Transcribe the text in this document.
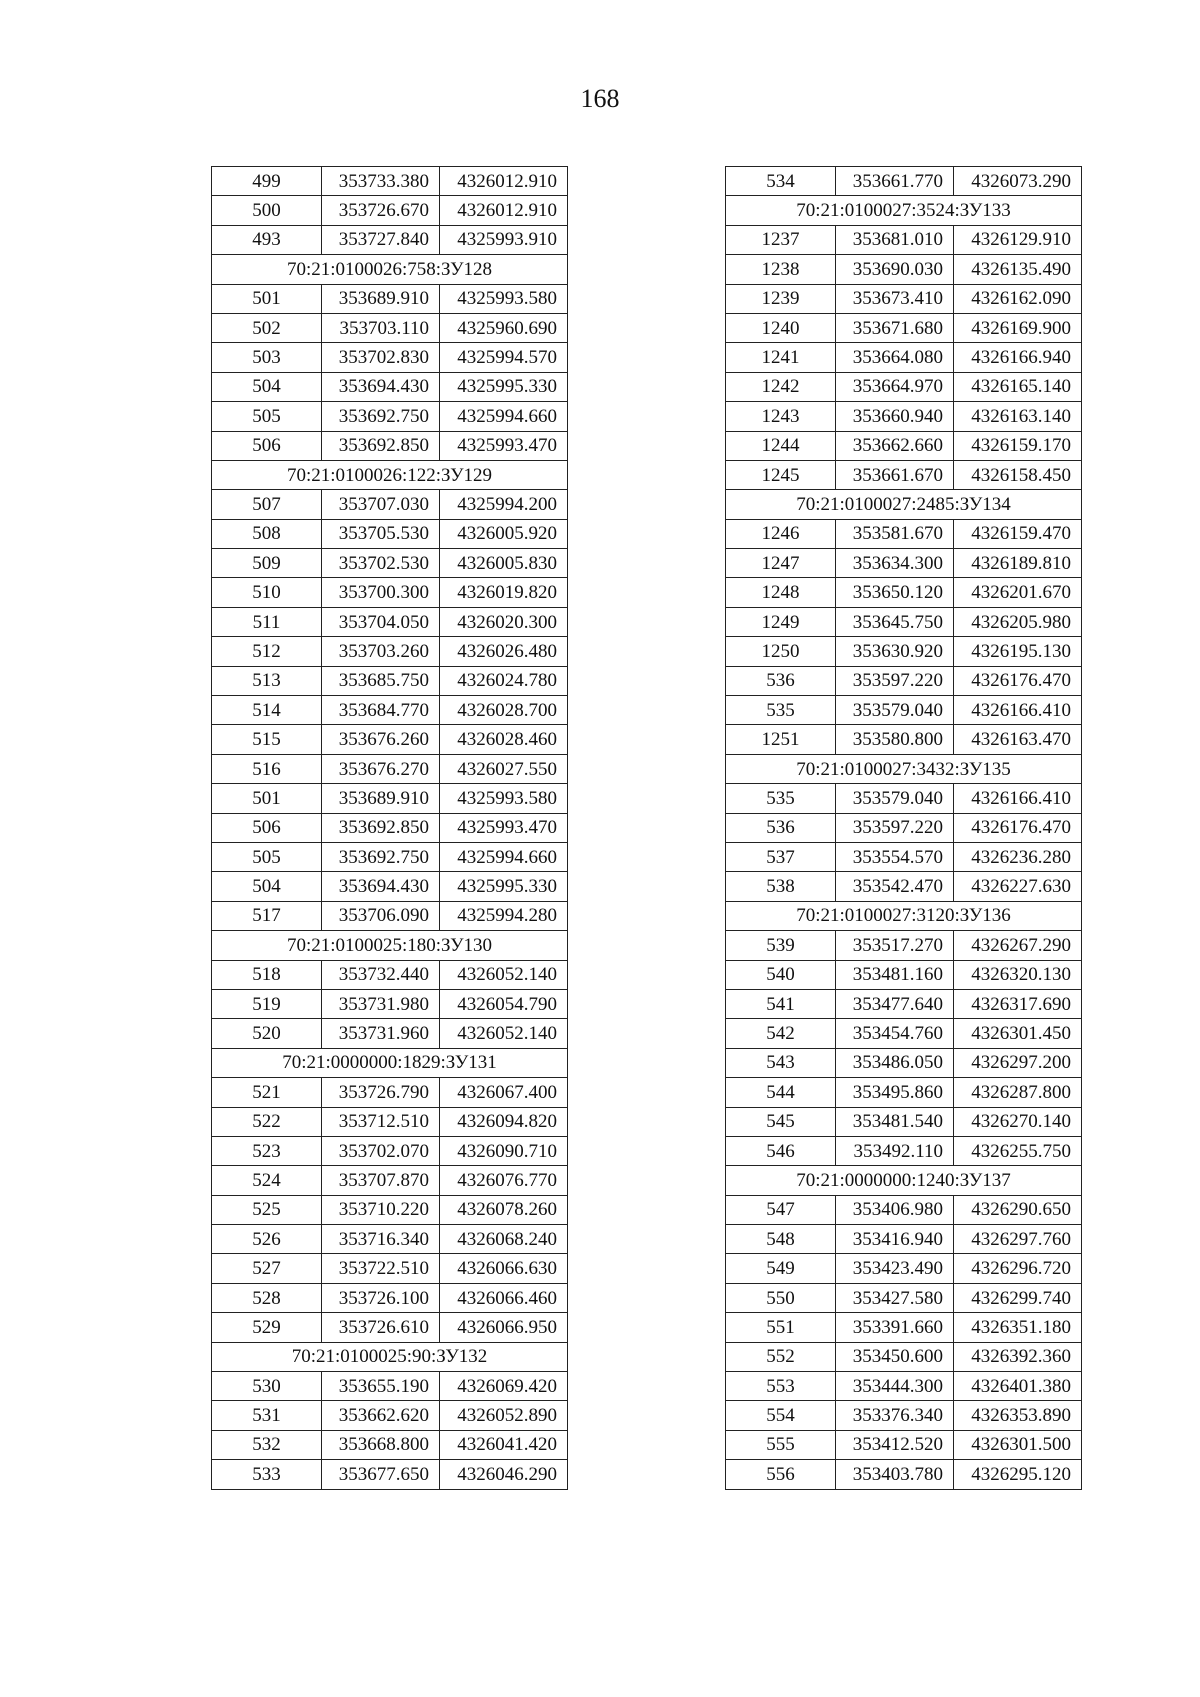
168
499	353733.380	4326012.910
500	353726.670	4326012.910
493	353727.840	4325993.910
70:21:0100026:758:ЗУ128		
501	353689.910	4325993.580
502	353703.110	4325960.690
503	353702.830	4325994.570
504	353694.430	4325995.330
505	353692.750	4325994.660
506	353692.850	4325993.470
70:21:0100026:122:ЗУ129		
507	353707.030	4325994.200
508	353705.530	4326005.920
509	353702.530	4326005.830
510	353700.300	4326019.820
511	353704.050	4326020.300
512	353703.260	4326026.480
513	353685.750	4326024.780
514	353684.770	4326028.700
515	353676.260	4326028.460
516	353676.270	4326027.550
501	353689.910	4325993.580
506	353692.850	4325993.470
505	353692.750	4325994.660
504	353694.430	4325995.330
517	353706.090	4325994.280
70:21:0100025:180:ЗУ130		
518	353732.440	4326052.140
519	353731.980	4326054.790
520	353731.960	4326052.140
70:21:0000000:1829:ЗУ131		
521	353726.790	4326067.400
522	353712.510	4326094.820
523	353702.070	4326090.710
524	353707.870	4326076.770
525	353710.220	4326078.260
526	353716.340	4326068.240
527	353722.510	4326066.630
528	353726.100	4326066.460
529	353726.610	4326066.950
70:21:0100025:90:ЗУ132		
530	353655.190	4326069.420
531	353662.620	4326052.890
532	353668.800	4326041.420
533	353677.650	4326046.290
534	353661.770	4326073.290
70:21:0100027:3524:ЗУ133		
1237	353681.010	4326129.910
1238	353690.030	4326135.490
1239	353673.410	4326162.090
1240	353671.680	4326169.900
1241	353664.080	4326166.940
1242	353664.970	4326165.140
1243	353660.940	4326163.140
1244	353662.660	4326159.170
1245	353661.670	4326158.450
70:21:0100027:2485:ЗУ134		
1246	353581.670	4326159.470
1247	353634.300	4326189.810
1248	353650.120	4326201.670
1249	353645.750	4326205.980
1250	353630.920	4326195.130
536	353597.220	4326176.470
535	353579.040	4326166.410
1251	353580.800	4326163.470
70:21:0100027:3432:ЗУ135		
535	353579.040	4326166.410
536	353597.220	4326176.470
537	353554.570	4326236.280
538	353542.470	4326227.630
70:21:0100027:3120:ЗУ136		
539	353517.270	4326267.290
540	353481.160	4326320.130
541	353477.640	4326317.690
542	353454.760	4326301.450
543	353486.050	4326297.200
544	353495.860	4326287.800
545	353481.540	4326270.140
546	353492.110	4326255.750
70:21:0000000:1240:ЗУ137		
547	353406.980	4326290.650
548	353416.940	4326297.760
549	353423.490	4326296.720
550	353427.580	4326299.740
551	353391.660	4326351.180
552	353450.600	4326392.360
553	353444.300	4326401.380
554	353376.340	4326353.890
555	353412.520	4326301.500
556	353403.780	4326295.120
